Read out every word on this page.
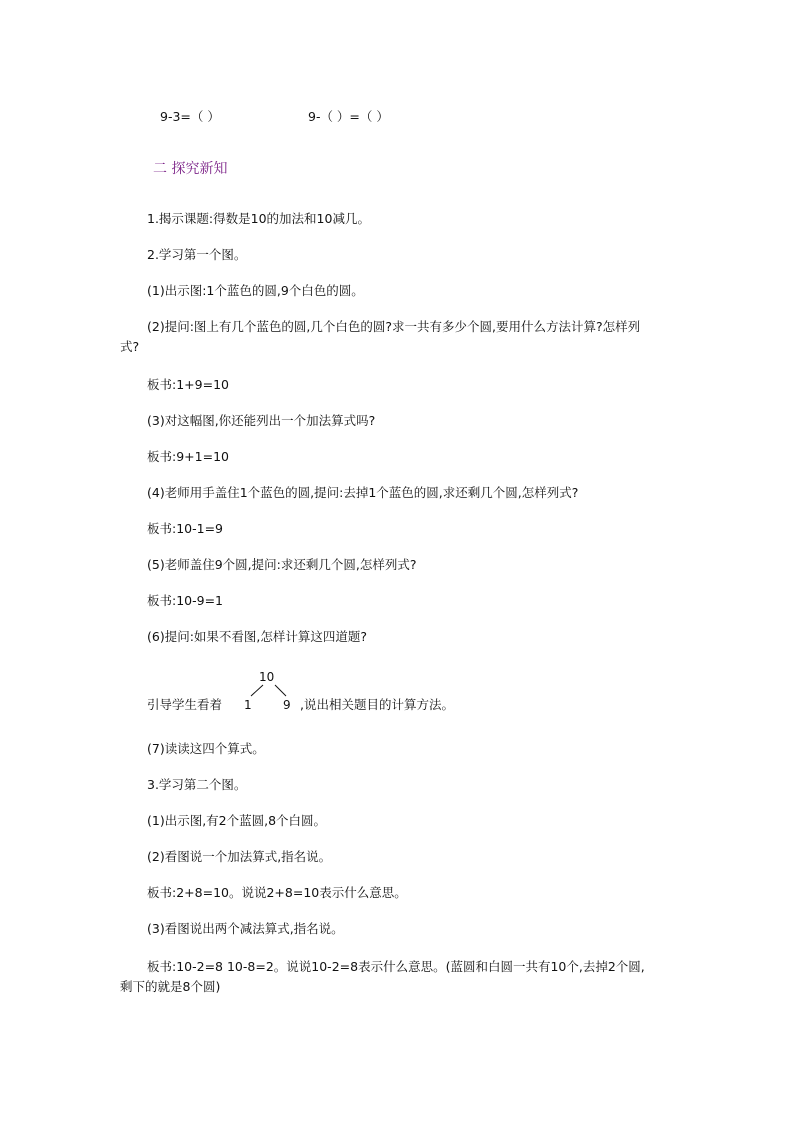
9-3=（ ）	9-（ ）=（ ）
二 探究新知
1.揭示课题:得数是10的加法和10减几。
2.学习第一个图。
(1)出示图:1个蓝色的圆,9个白色的圆。
(2)提问:图上有几个蓝色的圆,几个白色的圆?求一共有多少个圆,要用什么方法计算?怎样列式?
板书:1+9=10
(3)对这幅图,你还能列出一个加法算式吗?
板书:9+1=10
(4)老师用手盖住1个蓝色的圆,提问:去掉1个蓝色的圆,求还剩几个圆,怎样列式?
板书:10-1=9
(5)老师盖住9个圆,提问:求还剩几个圆,怎样列式?
板书:10-9=1
(6)提问:如果不看图,怎样计算这四道题?
引导学生看着
10
1	9 ,说出相关题目的计算方法。
(7)读读这四个算式。
3.学习第二个图。
(1)出示图,有2个蓝圆,8个白圆。
(2)看图说一个加法算式,指名说。
板书:2+8=10。说说2+8=10表示什么意思。
(3)看图说出两个减法算式,指名说。
板书:10-2=8 10-8=2。说说10-2=8表示什么意思。(蓝圆和白圆一共有10个,去掉2个圆,剩下的就是8个圆)
